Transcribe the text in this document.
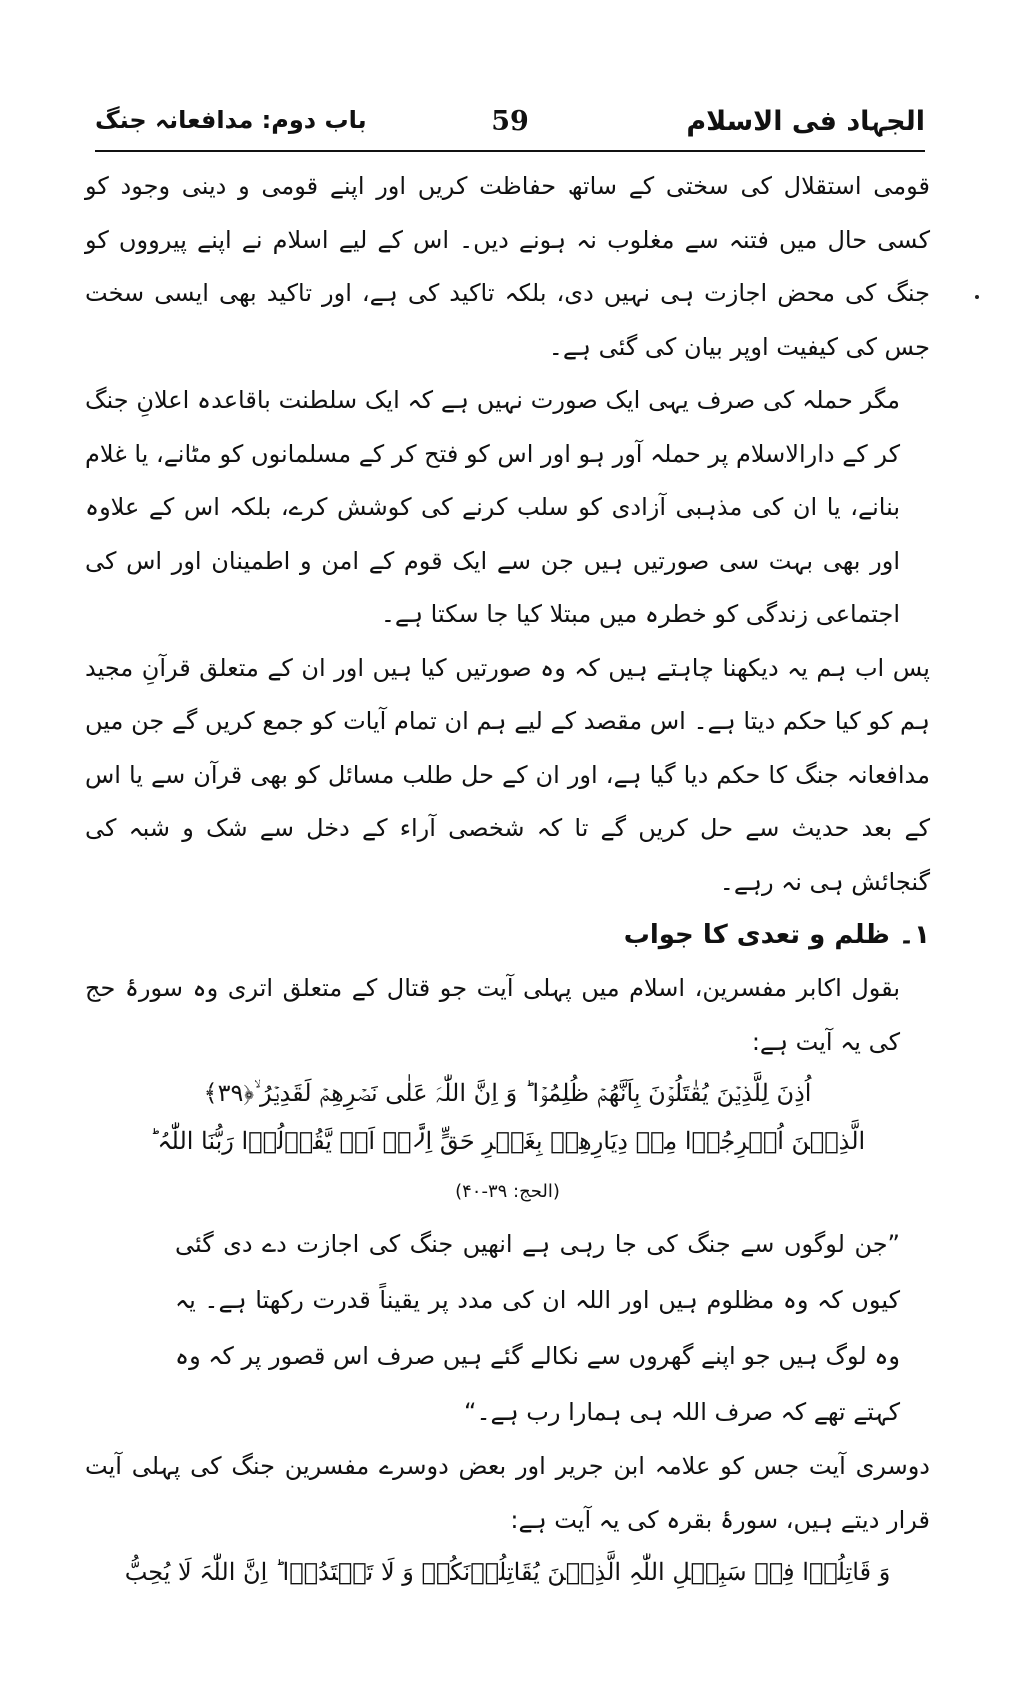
الجہاد فی الاسلام
59
باب دوم: مدافعانہ جنگ

قومی استقلال کی سختی کے ساتھ حفاظت کریں اور اپنے قومی و دینی وجود کو کسی حال میں فتنہ سے مغلوب نہ ہونے دیں۔ اس کے لیے اسلام نے اپنے پیرووں کو جنگ کی محض اجازت ہی نہیں دی، بلکہ تاکید کی ہے، اور تاکید بھی ایسی سخت جس کی کیفیت اوپر بیان کی گئی ہے۔

مگر حملہ کی صرف یہی ایک صورت نہیں ہے کہ ایک سلطنت باقاعدہ اعلانِ جنگ کر کے دارالاسلام پر حملہ آور ہو اور اس کو فتح کر کے مسلمانوں کو مٹانے، یا غلام بنانے، یا ان کی مذہبی آزادی کو سلب کرنے کی کوشش کرے، بلکہ اس کے علاوہ اور بھی بہت سی صورتیں ہیں جن سے ایک قوم کے امن و اطمینان اور اس کی اجتماعی زندگی کو خطرہ میں مبتلا کیا جا سکتا ہے۔

پس اب ہم یہ دیکھنا چاہتے ہیں کہ وہ صورتیں کیا ہیں اور ان کے متعلق قرآنِ مجید ہم کو کیا حکم دیتا ہے۔ اس مقصد کے لیے ہم ان تمام آیات کو جمع کریں گے جن میں مدافعانہ جنگ کا حکم دیا گیا ہے، اور ان کے حل طلب مسائل کو بھی قرآن سے یا اس کے بعد حدیث سے حل کریں گے تا کہ شخصی آراء کے دخل سے شک و شبہ کی گنجائش ہی نہ رہے۔

۱۔ ظلم و تعدی کا جواب

بقول اکابر مفسرین، اسلام میں پہلی آیت جو قتال کے متعلق اتری وہ سورۂ حج کی یہ آیت ہے:

اُذِنَ لِلَّذِیۡنَ یُقٰتَلُوۡنَ بِاَنَّھُمۡ ظُلِمُوۡا ؕ وَ اِنَّ اللّٰہَ عَلٰی نَصۡرِھِمۡ لَقَدِیۡرُ ۙ﴿۳۹﴾

الَّذِیۡنَ اُخۡرِجُوۡا مِنۡ دِیَارِھِمۡ بِغَیۡرِ حَقٍّ اِلَّاۤ اَنۡ یَّقُوۡلُوۡا رَبُّنَا اللّٰہُ ؕ (الحج: ۳۹-۴۰)

”جن لوگوں سے جنگ کی جا رہی ہے انھیں جنگ کی اجازت دے دی گئی کیوں کہ وہ مظلوم ہیں اور اللہ ان کی مدد پر یقیناً قدرت رکھتا ہے۔ یہ وہ لوگ ہیں جو اپنے گھروں سے نکالے گئے ہیں صرف اس قصور پر کہ وہ کہتے تھے کہ صرف اللہ ہی ہمارا رب ہے۔“

دوسری آیت جس کو علامہ ابن جریر اور بعض دوسرے مفسرین جنگ کی پہلی آیت قرار دیتے ہیں، سورۂ بقرہ کی یہ آیت ہے:

وَ قَاتِلُوۡا فِیۡ سَبِیۡلِ اللّٰہِ الَّذِیۡنَ یُقَاتِلُوۡنَکُمۡ وَ لَا تَعۡتَدُوۡا ؕ اِنَّ اللّٰہَ لَا یُحِبُّ
